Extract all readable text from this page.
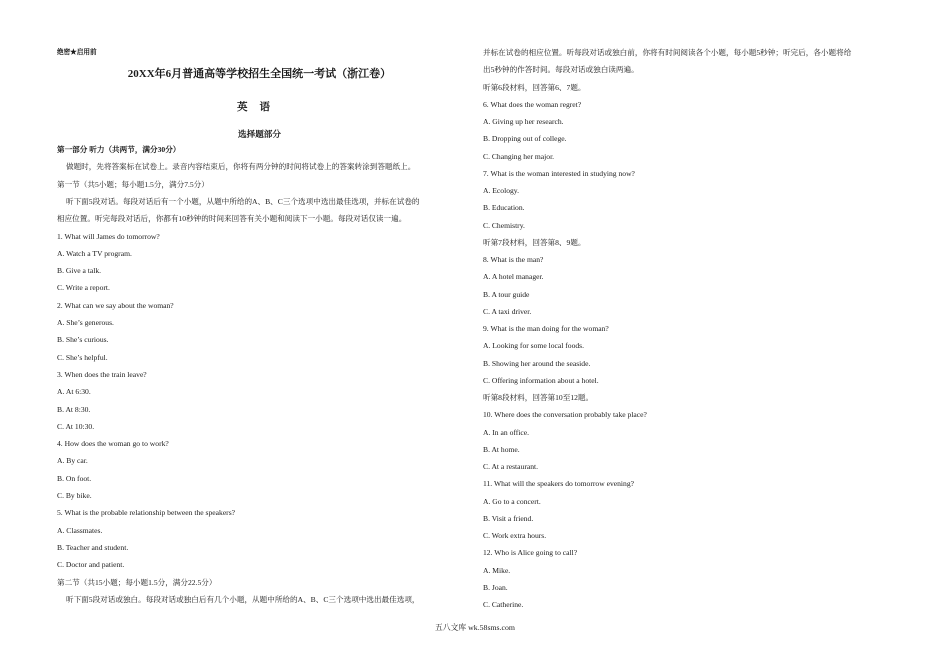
绝密★启用前
20XX年6月普通高等学校招生全国统一考试（浙江卷）
英语
选择题部分
第一部分 听力（共两节，满分30分）
做题时，先将答案标在试卷上。录音内容结束后，你将有两分钟的时间将试卷上的答案转涂到答题纸上。
第一节（共5小题；每小题1.5分，满分7.5分）
听下面5段对话。每段对话后有一个小题，从题中所给的A、B、C三个选项中选出最佳选项，并标在试卷的
相应位置。听完每段对话后，你都有10秒钟的时间来回答有关小题和阅读下一小题。每段对话仅读一遍。
1. What will James do tomorrow?
A. Watch a TV program.
B. Give a talk.
C. Write a report.
2. What can we say about the woman?
A. She’s generous.
B. She’s curious.
C. She’s helpful.
3. When does the train leave?
A. At 6:30.
B. At 8:30.
C. At 10:30.
4. How does the woman go to work?
A. By car.
B. On foot.
C. By bike.
5. What is the probable relationship between the speakers?
A. Classmates.
B. Teacher and student.
C. Doctor and patient.
第二节（共15小题；每小题1.5分，满分22.5分）
听下面5段对话或独白。每段对话或独白后有几个小题，从题中所给的A、B、C三个选项中选出最佳选项，
并标在试卷的相应位置。听每段对话或独白前，你将有时间阅读各个小题，每小题5秒钟；听完后，各小题将给
出5秒钟的作答时间。每段对话或独白读两遍。
听第6段材料，回答第6、7题。
6. What does the woman regret?
A. Giving up her research.
B. Dropping out of college.
C. Changing her major.
7. What is the woman interested in studying now?
A. Ecology.
B. Education.
C. Chemistry.
听第7段材料，回答第8、9题。
8. What is the man?
A. A hotel manager.
B. A tour guide
C. A taxi driver.
9. What is the man doing for the woman?
A. Looking for some local foods.
B. Showing her around the seaside.
C. Offering information about a hotel.
听第8段材料，回答第10至12题。
10. Where does the conversation probably take place?
A. In an office.
B. At home.
C. At a restaurant.
11. What will the speakers do tomorrow evening?
A. Go to a concert.
B. Visit a friend.
C. Work extra hours.
12. Who is Alice going to call?
A. Mike.
B. Joan.
C. Catherine.
五八文库 wk.58sms.com
